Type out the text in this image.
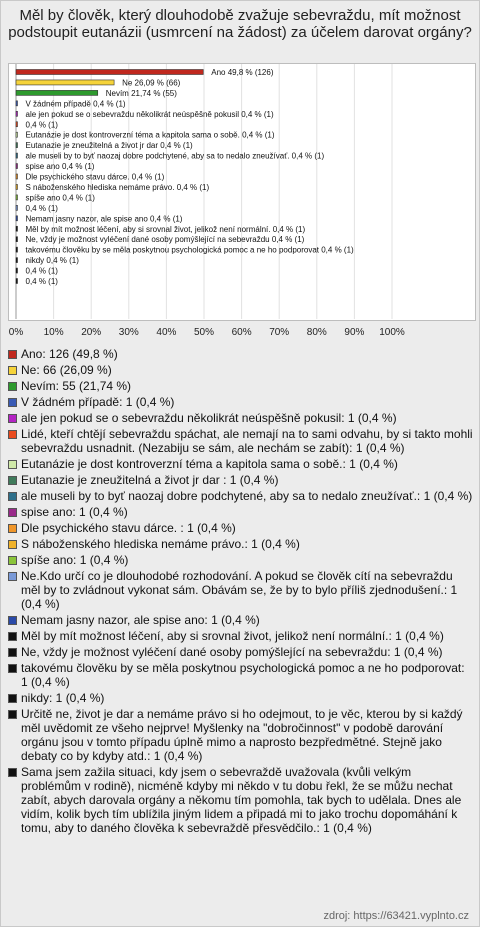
Měl by člověk, který dlouhodobě zvažuje sebevraždu, mít možnost podstoupit eutanázii (usmrcení na žádost) za účelem darovat orgány?
0% 10% 20% 30% 40% 50% 60% 70% 80% 90% 100%
Ano 49,8 % (126)
Ne 26,09 % (66)
Nevím 21,74 % (55)
V žádném případě 0,4 % (1)
ale jen pokud se o sebevraždu několikrát neúspěšně pokusil 0,4 % (1)
0,4 % (1)
Eutanázie je dost kontroverzní téma a kapitola sama o sobě. 0,4 % (1)
Eutanazie je zneužitelná a život jr dar 0,4 % (1)
ale museli by to byť naozaj dobre podchytené, aby sa to nedalo zneužívať. 0,4 % (1)
spise ano 0,4 % (1)
Dle psychického stavu dárce. 0,4 % (1)
S náboženského hlediska nemáme právo. 0,4 % (1)
spíše ano 0,4 % (1)
0,4 % (1)
Nemam jasny nazor, ale spise ano 0,4 % (1)
Měl by mít možnost léčení, aby si srovnal život, jelikož není normální. 0,4 % (1)
Ne, vždy je možnost vyléčení dané osoby pomýšlející na sebevraždu 0,4 % (1)
takovému člověku by se měla poskytnou psychologická pomoc a ne ho podporovat 0,4 % (1)
nikdy 0,4 % (1)
0,4 % (1)
0,4 % (1)
Ano: 126 (49,8 %)
Ne: 66 (26,09 %)
Nevím: 55 (21,74 %)
V žádném případě: 1 (0,4 %)
ale jen pokud se o sebevraždu několikrát neúspěšně pokusil: 1 (0,4 %)
Lidé, kteří chtějí sebevraždu spáchat, ale nemají na to sami odvahu, by si takto mohli sebevraždu usnadnit. (Nezabiju se sám, ale nechám se zabít): 1 (0,4 %)
Eutanázie je dost kontroverzní téma a kapitola sama o sobě.: 1 (0,4 %)
Eutanazie je zneužitelná a život jr dar : 1 (0,4 %)
ale museli by to byť naozaj dobre podchytené, aby sa to nedalo zneužívať.: 1 (0,4 %)
spise ano: 1 (0,4 %)
Dle psychického stavu dárce. : 1 (0,4 %)
S náboženského hlediska nemáme právo.: 1 (0,4 %)
spíše ano: 1 (0,4 %)
Ne.Kdo určí co je dlouhodobé rozhodování. A pokud se člověk cítí na sebevraždu měl by to zvládnout vykonat sám. Obávám se, že by to bylo příliš zjednodušení.: 1 (0,4 %)
Nemam jasny nazor, ale spise ano: 1 (0,4 %)
Měl by mít možnost léčení, aby si srovnal život, jelikož není normální.: 1 (0,4 %)
Ne, vždy je možnost vyléčení dané osoby pomýšlející na sebevraždu: 1 (0,4 %)
takovému člověku by se měla poskytnou psychologická pomoc a ne ho podporovat: 1 (0,4 %)
nikdy: 1 (0,4 %)
Určitě ne, život je dar a nemáme právo si ho odejmout, to je věc, kterou by si každý měl uvědomit ze všeho nejprve! Myšlenky na "dobročinnost" v podobě darování orgánu jsou v tomto případu úplně mimo a naprosto bezpředmětné. Stejně jako debaty co by kdyby atd.: 1 (0,4 %)
Sama jsem zažila situaci, kdy jsem o sebevraždě uvažovala (kvůli velkým problémům v rodině), nicméně kdyby mi někdo v tu dobu řekl, že se můžu nechat zabít, abych darovala orgány a někomu tím pomohla, tak bych to udělala. Dnes ale vidím, kolik bych tím ublížila jiným lidem a připadá mi to jako trochu dopomáhání k tomu, aby to daného člověka k sebevraždě přesvědčilo.: 1 (0,4 %)
zdroj: https://63421.vyplnto.cz
